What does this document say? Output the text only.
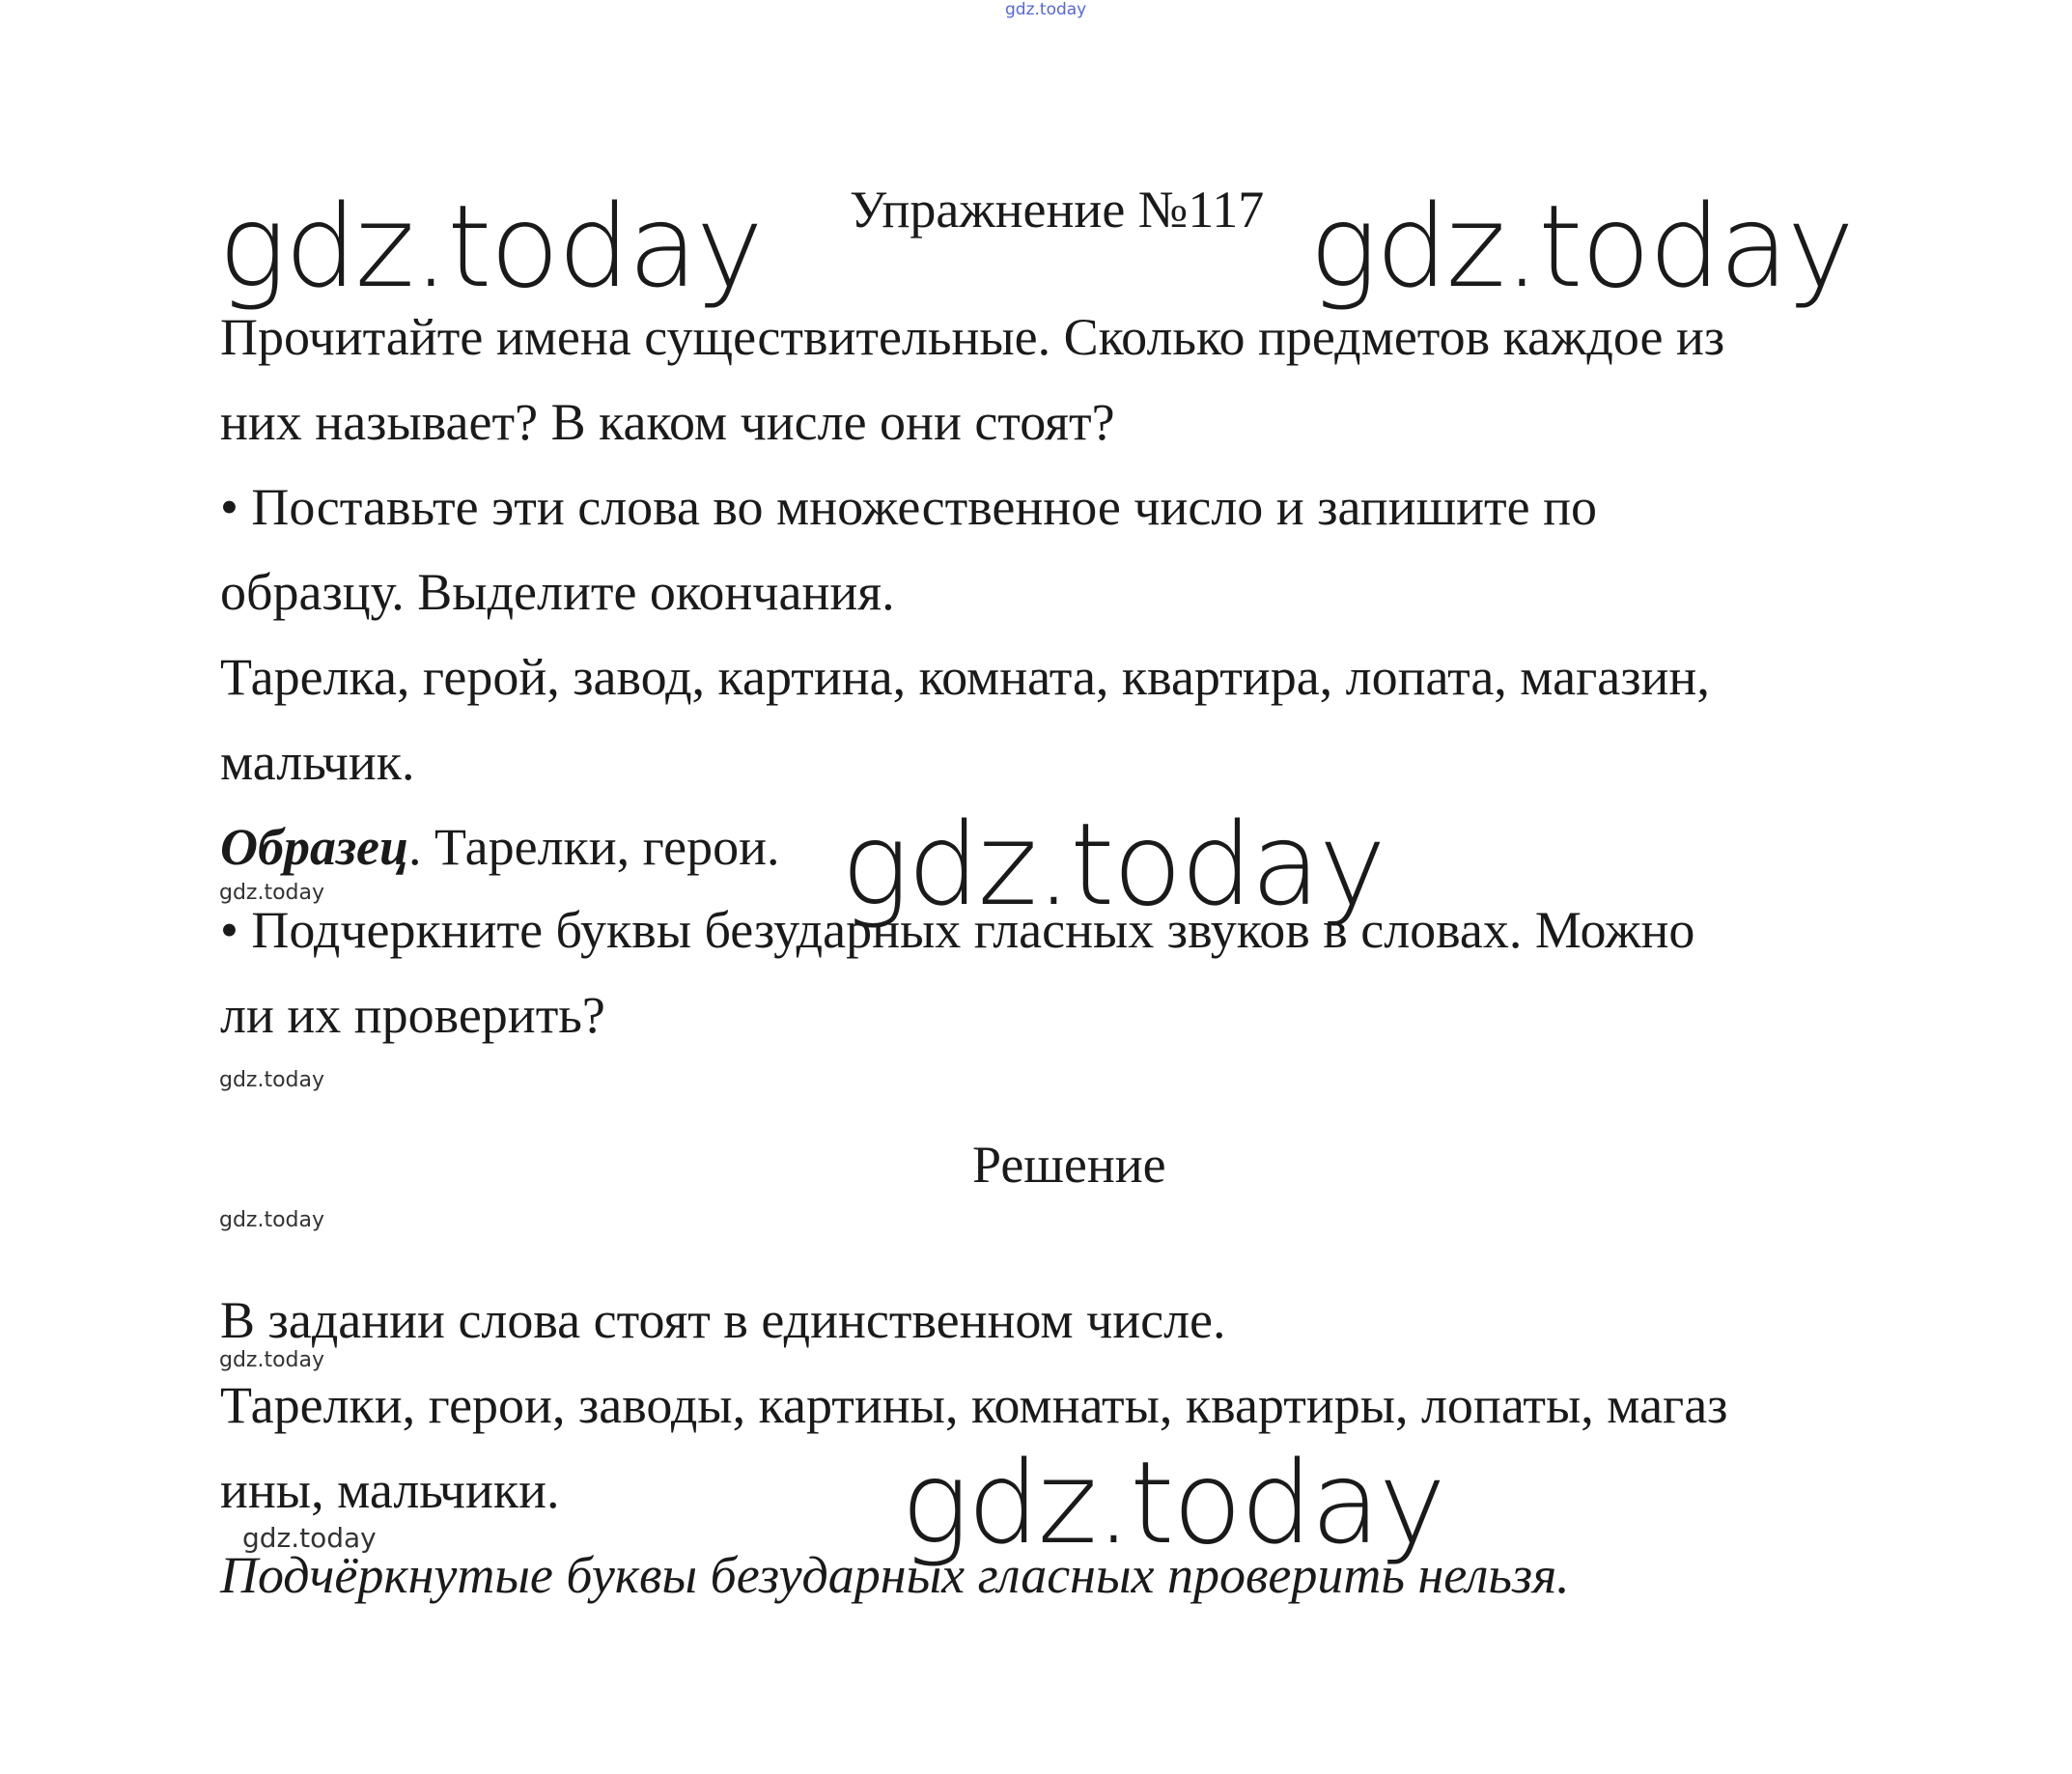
gdz.today
Упражнение №117
gdz.today	gdz.today
Прочитайте имена существительные. Сколько предметов каждое из
них называет? В каком числе они стоят?
• Поставьте эти слова во множественное число и запишите по
образцу. Выделите окончания.
Тарелка, герой, завод, картина, комната, квартира, лопата, магазин,
мальчик.
Образец. Тарелки, герои. gdz.today
gdz.today
• Подчеркните буквы безударных гласных звуков в словах. Можно
ли их проверить?
gdz.today
Решение
gdz.today
В задании слова стоят в единственном числе.
gdz.today
Тарелки, герои, заводы, картины, комнаты, квартиры, лопаты, магаз
ины, мальчики.	gdz.today
gdz.today
Подчёркнутые буквы безударных гласных проверить нельзя.
